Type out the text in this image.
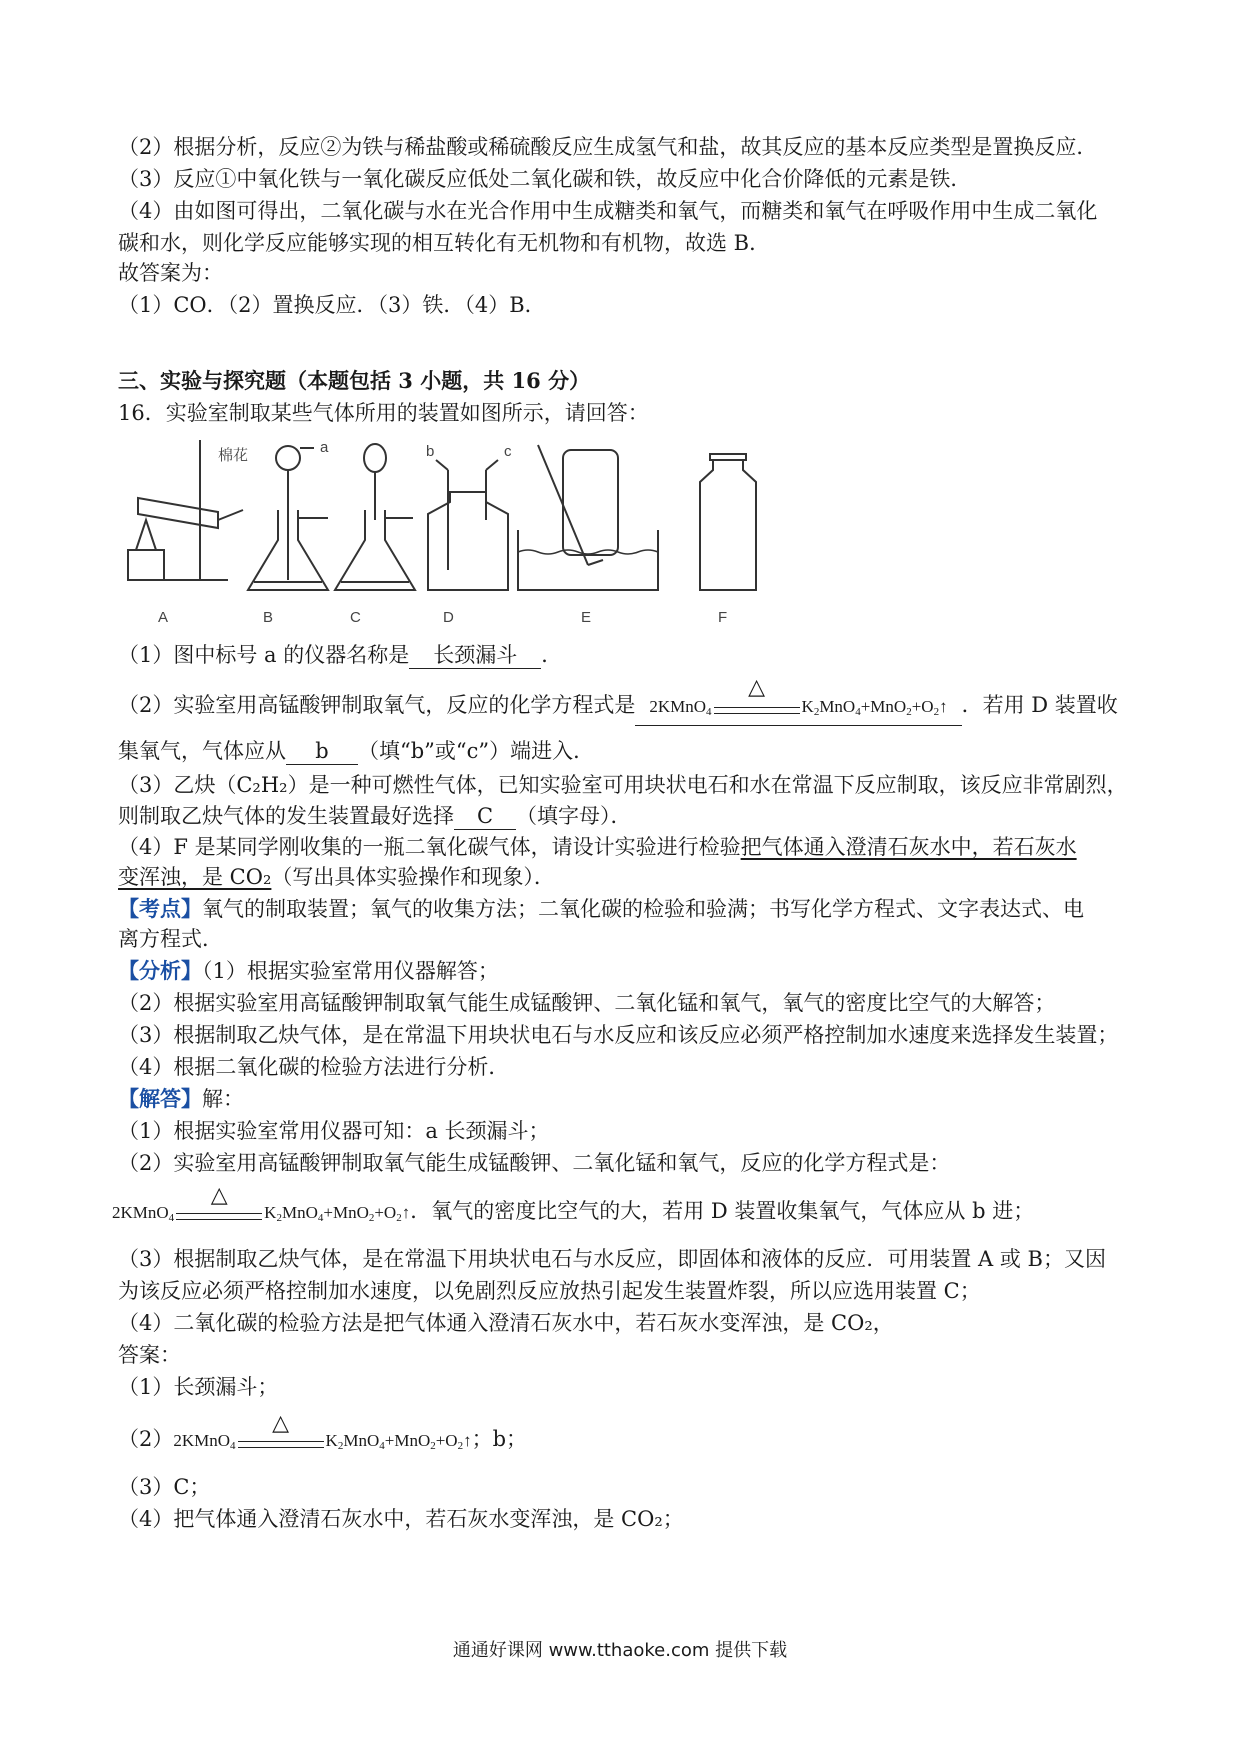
（2）根据分析，反应②为铁与稀盐酸或稀硫酸反应生成氢气和盐，故其反应的基本反应类型是置换反应．
（3）反应①中氧化铁与一氧化碳反应低处二氧化碳和铁，故反应中化合价降低的元素是铁．
（4）由如图可得出，二氧化碳与水在光合作用中生成糖类和氧气，而糖类和氧气在呼吸作用中生成二氧化
碳和水，则化学反应能够实现的相互转化有无机物和有机物，故选 B．
故答案为：
（1）CO．（2）置换反应．（3）铁．（4）B．
三、实验与探究题（本题包括 3 小题，共 16 分）
16．实验室制取某些气体所用的装置如图所示，请回答：
棉花	a	b	c
A	B	C	D	E	F
（1）图中标号 a 的仪器名称是 长颈漏斗 ．
（2）实验室用高锰酸钾制取氧气，反应的化学方程式是 2KMnO$_4$
△
$K_2MnO_4+MnO_2+O_2↑$ ．若用 D 装置收
集氧气，气体应从 b （填“b”或“c”）端进入．
（3）乙炔（C₂H₂）是一种可燃性气体，已知实验室可用块状电石和水在常温下反应制取，该反应非常剧烈，
则制取乙炔气体的发生装置最好选择 C （填字母）．
（4）F 是某同学刚收集的一瓶二氧化碳气体，请设计实验进行检验把气体通入澄清石灰水中，若石灰水
变浑浊，是 CO₂（写出具体实验操作和现象）．
【考点】氧气的制取装置；氧气的收集方法；二氧化碳的检验和验满；书写化学方程式、文字表达式、电
离方程式．
【分析】（1）根据实验室常用仪器解答；
（2）根据实验室用高锰酸钾制取氧气能生成锰酸钾、二氧化锰和氧气，氧气的密度比空气的大解答；
（3）根据制取乙炔气体，是在常温下用块状电石与水反应和该反应必须严格控制加水速度来选择发生装置；
（4）根据二氧化碳的检验方法进行分析．
【解答】解：
（1）根据实验室常用仪器可知：a 长颈漏斗；
（2）实验室用高锰酸钾制取氧气能生成锰酸钾、二氧化锰和氧气，反应的化学方程式是：
2KMnO$_4$
△
$K_2MnO_4+MnO_2+O_2↑$．氧气的密度比空气的大，若用 D 装置收集氧气，气体应从 b 进；
（3）根据制取乙炔气体，是在常温下用块状电石与水反应，即固体和液体的反应．可用装置 A 或 B；又因
为该反应必须严格控制加水速度，以免剧烈反应放热引起发生装置炸裂，所以应选用装置 C；
（4）二氧化碳的检验方法是把气体通入澄清石灰水中，若石灰水变浑浊，是 CO₂，
答案：
（1）长颈漏斗；
（2）2KMnO$_4$
△
$K_2MnO_4+MnO_2+O_2↑$；b；
（3）C；
（4）把气体通入澄清石灰水中，若石灰水变浑浊，是 CO₂；
通通好课网 www.tthaoke.com 提供下载
